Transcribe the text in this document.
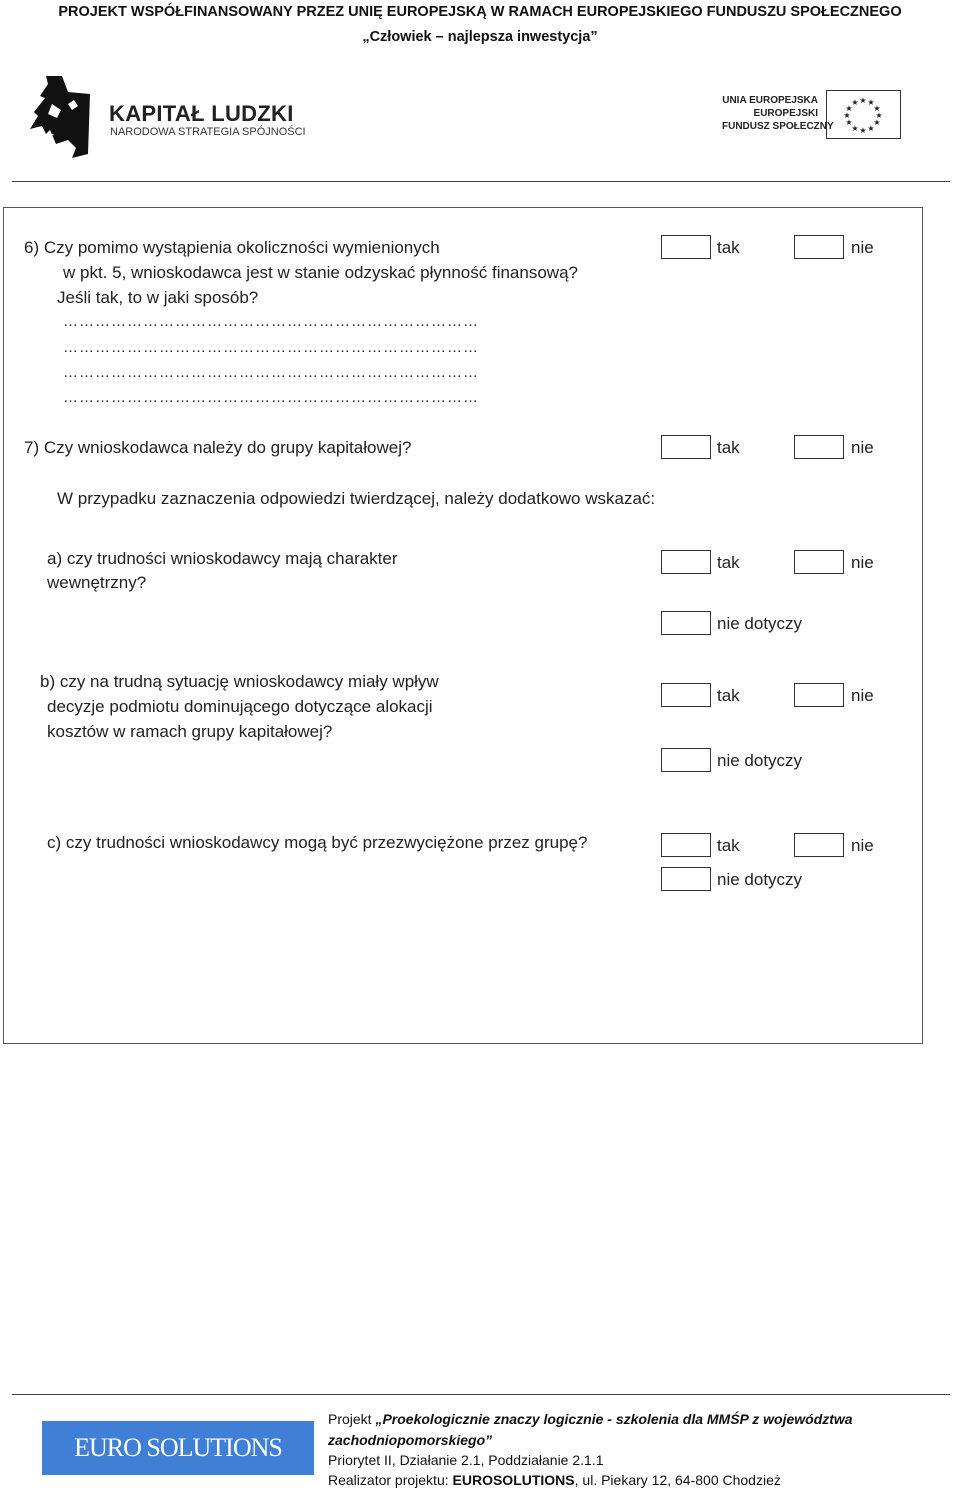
PROJEKT WSPÓŁFINANSOWANY PRZEZ UNIĘ EUROPEJSKĄ W RAMACH EUROPEJSKIEGO FUNDUSZU SPOŁECZNEGO
„Człowiek – najlepsza inwestycja”
KAPITAŁ LUDZKI
NARODOWA STRATEGIA SPÓJNOŚCI
UNIA EUROPEJSKA
EUROPEJSKI
FUNDUSZ SPOŁECZNY
★ ★
★
★
★
★
★
★
★
★
★
★
6) Czy pomimo wystąpienia okoliczności wymienionych
w pkt. 5, wnioskodawca jest w stanie odzyskać płynność finansową?
Jeśli tak, to w jaki sposób?
tak	nie
……………………………………………………………………
……………………………………………………………………
……………………………………………………………………
……………………………………………………………………
7) Czy wnioskodawca należy do grupy kapitałowej?	tak	nie
W przypadku zaznaczenia odpowiedzi twierdzącej, należy dodatkowo wskazać:
a) czy trudności wnioskodawcy mają charakter
wewnętrzny?
tak	nie
nie dotyczy
b) czy na trudną sytuację wnioskodawcy miały wpływ
decyzje podmiotu dominującego dotyczące alokacji
kosztów w ramach grupy kapitałowej?
tak	nie
nie dotyczy
c) czy trudności wnioskodawcy mogą być przezwyciężone przez grupę?	tak	nie
nie dotyczy
EURO SOLUTIONS
Projekt „Proekologicznie znaczy logicznie - szkolenia dla MMŚP z województwa
zachodniopomorskiego”
Priorytet II, Działanie 2.1, Poddziałanie 2.1.1
Realizator projektu: EUROSOLUTIONS, ul. Piekary 12, 64-800 Chodzież
